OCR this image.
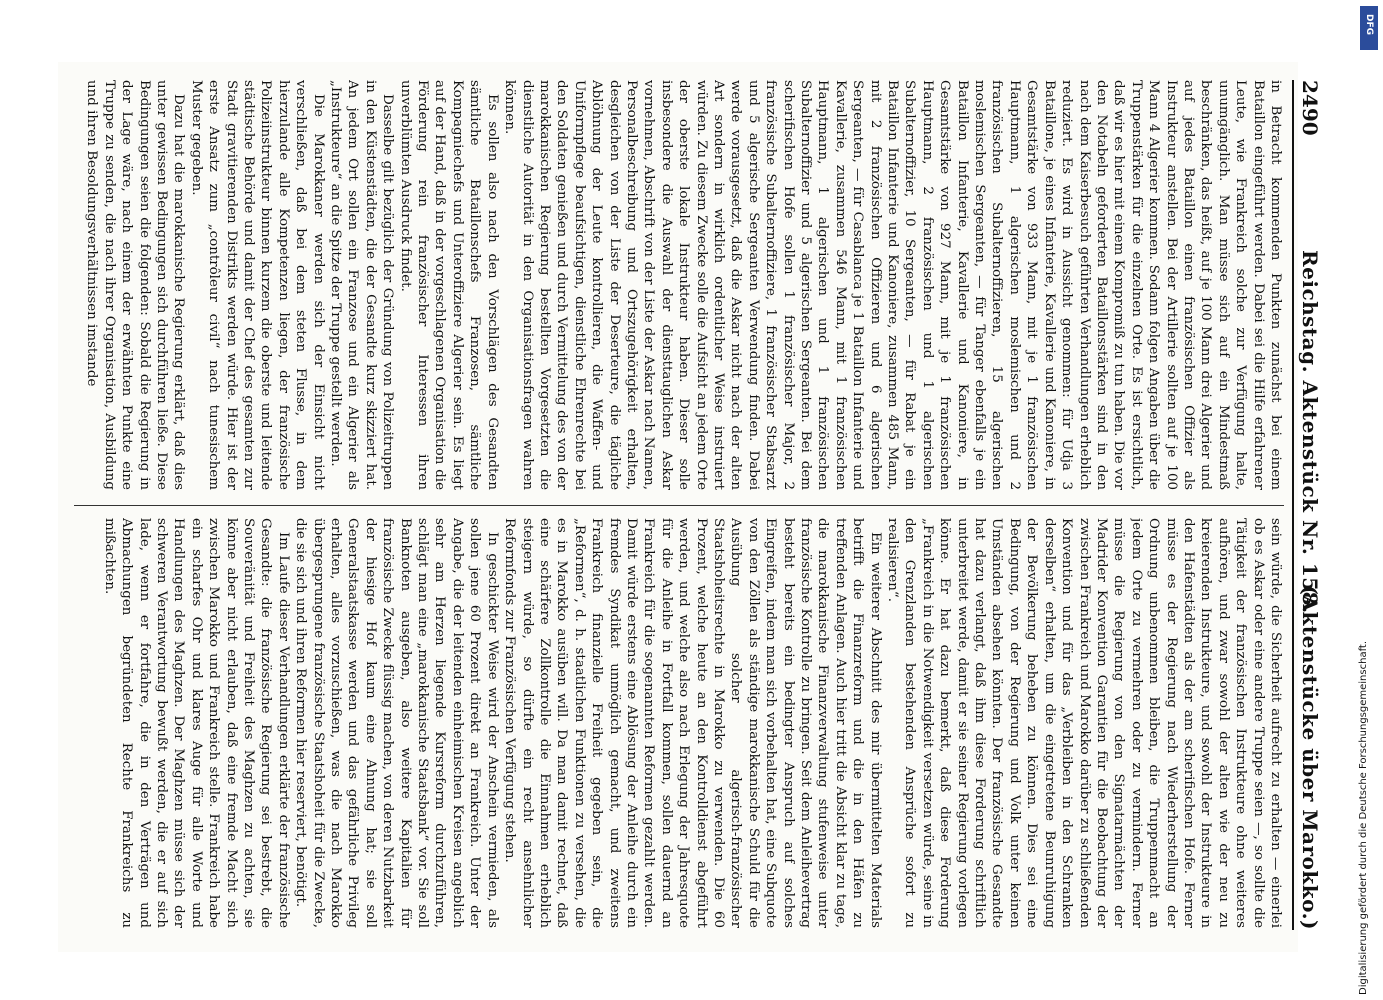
2490
Reichstag. Aktenstück Nr. 158.
(Aktenstücke über Marokko.)

in Betracht kommenden Punkten zunächst bei einem Bataillon eingeführt werden. Dabei sei die Hilfe erfahrener Leute, wie Frankreich solche zur Verfügung halte, unumgänglich. Man müsse sich auf ein Mindestmaß beschränken, das heißt, auf je 100 Mann drei Algerier und auf jedes Bataillon einen französischen Offizier als Instrukteur anstellen. Bei der Artillerie sollten auf je 100 Mann 4 Algerier kommen. Sodann folgen Angaben über die Truppenstärken für die einzelnen Orte. Es ist ersichtlich, daß wir es hier mit einem Kompromiß zu tun haben. Die vor den Notabeln geforderten Bataillonsstärken sind in den nach dem Kaiserbesuch geführten Verhandlungen erheblich reduziert. Es wird in Aussicht genommen: für Udja 3 Bataillone, je eines Infanterie, Kavallerie und Kanoniere, in Gesamtstärke von 933 Mann, mit je 1 französischen Hauptmann, 1 algerischen moslemischen und 2 französischen Subalternoffizieren, 15 algerischen moslemischen Sergeanten, — für Tanger ebenfalls je ein Bataillon Infanterie, Kavallerie und Kanoniere, in Gesamtstärke von 927 Mann, mit je 1 französischen Hauptmann, 2 französischen und 1 algerischen Subalternoffizier, 10 Sergeanten, — für Rabat je ein Bataillon Infanterie und Kanoniere, zusammen 485 Mann, mit 2 französischen Offizieren und 6 algerischen Sergeanten, — für Casablanca je 1 Bataillon Infanterie und Kavallerie, zusammen 546 Mann, mit 1 französischen Hauptmann, 1 algerischen und 1 französischen Subalternoffizier und 5 algerischen Sergeanten. Bei dem scherifischen Hofe sollen 1 französischer Major, 2 französische Subalternoffiziere, 1 französischer Stabsarzt und 5 algerische Sergeanten Verwendung finden. Dabei werde vorausgesetzt, daß die Askar nicht nach der alten Art sondern in wirklich ordentlicher Weise instruiert würden. Zu diesem Zwecke solle die Aufsicht an jedem Orte der oberste lokale Instrukteur haben. Dieser solle insbesondere die Auswahl der diensttauglichen Askar vornehmen, Abschrift von der Liste der Askar nach Namen, Personalbeschreibung und Ortszugehörigkeit erhalten, desgleichen von der Liste der Deserteure, die tägliche Ablöhnung der Leute kontrollieren, die Waffen- und Uniformpflege beaufsichtigen, dienstliche Ehrenrechte bei den Soldaten genießen und durch Vermittelung des von der marokkanischen Regierung bestellten Vorgesetzten die dienstliche Autorität in den Organisationsfragen wahren können.

Es sollen also nach den Vorschlägen des Gesandten sämtliche Bataillonschefs Franzosen, sämtliche Kompagniechefs und Unteroffiziere Algerier sein. Es liegt auf der Hand, daß in der vorgeschlagenen Organisation die Förderung rein französischer Interessen ihren unverblümten Ausdruck findet.

Dasselbe gilt bezüglich der Gründung von Polizeitruppen in den Küstenstädten, die der Gesandte kurz skizziert hat. An jedem Ort sollen ein Franzose und ein Algerier als „Instrukteure“ an die Spitze der Truppe gestellt werden.

Die Marokkaner werden sich der Einsicht nicht verschließen, daß bei dem steten Flusse, in dem hierzulande alle Kompetenzen liegen, der französische Polizeiinstrukteur binnen kurzem die oberste und leitende städtische Behörde und damit der Chef des gesamten zur Stadt gravitierenden Distrikts werden würde. Hier ist der erste Ansatz zum „contrôleur civil“ nach tunesischem Muster gegeben.

Dazu hat die marokkanische Regierung erklärt, daß dies unter gewissen Bedingungen sich durchführen ließe. Diese Bedingungen seien die folgenden: Sobald die Regierung in der Lage wäre, nach einem der erwähnten Punkte eine Truppe zu senden, die nach ihrer Organisation, Ausbildung und ihren Besoldungsverhältnissen imstande

sein würde, die Sicherheit aufrecht zu erhalten — einerlei ob es Askar oder eine andere Truppe seien —, so sollte die Tätigkeit der französischen Instrukteure ohne weiteres aufhören, und zwar sowohl der alten wie der neu zu kreierenden Instrukteure, und sowohl der Instrukteure in den Hafenstädten als der am scherifischen Hofe. Ferner müsse es der Regierung nach Wiederherstellung der Ordnung unbenommen bleiben, die Truppenmacht an jedem Orte zu vermehren oder zu vermindern. Ferner müsse die Regierung von den Signatarmächten der Madrider Konvention Garantien für die Beobachtung der zwischen Frankreich und Marokko darüber zu schließenden Konvention und für das „Verbleiben in den Schranken derselben“ erhalten, um die eingetretene Beunruhigung der Bevölkerung beheben zu können. Dies sei eine Bedingung, von der Regierung und Volk unter keinen Umständen absehen könnten. Der französische Gesandte hat dazu verlangt, daß ihm diese Forderung schriftlich unterbreitet werde, damit er sie seiner Regierung vorlegen könne. Er hat dazu bemerkt, daß diese Forderung „Frankreich in die Notwendigkeit versetzen würde, seine in den Grenzlanden bestehenden Ansprüche sofort zu realisieren“.

Ein weiterer Abschnitt des mir übermittelten Materials betrifft die Finanzreform und die in den Häfen zu treffenden Anlagen. Auch hier tritt die Absicht klar zu tage, die marokkanische Finanzverwaltung stufenweise unter französische Kontrolle zu bringen. Seit dem Anleihevertrag besteht bereits ein bedingter Anspruch auf solches Eingreifen, indem man sich vorbehalten hat, eine Subquote von den Zöllen als ständige marokkanische Schuld für die Ausübung solcher algerisch-französischer Staatshoheitsrechte in Marokko zu verwenden. Die 60 Prozent, welche heute an den Kontrolldienst abgeführt werden, und welche also nach Erlegung der Jahresquote für die Anleihe in Fortfall kommen, sollen dauernd an Frankreich für die sogenannten Reformen gezahlt werden. Damit würde erstens eine Ablösung der Anleihe durch ein fremdes Syndikat unmöglich gemacht, und zweitens Frankreich finanzielle Freiheit gegeben sein, die „Reformen“, d. h. staatlichen Funktionen zu versehen, die es in Marokko ausüben will. Da man damit rechnet, daß eine schärfere Zollkontrolle die Einnahmen erheblich steigern würde, so dürfte ein recht ansehnlicher Reformfonds zur Französischen Verfügung stehen.

In geschickter Weise wird der Anschein vermieden, als sollen jene 60 Prozent direkt an Frankreich. Unter der Angabe, die der leitenden einheimischen Kreisen angeblich sehr am Herzen liegende Kursreform durchzuführen, schlägt man eine „marokkanische Staatsbank“ vor. Sie soll Banknoten ausgeben, also weitere Kapitalien für französische Zwecke flüssig machen, von deren Nutzbarkeit der hiesige Hof kaum eine Ahnung hat; sie soll Generalstaatskasse werden und das gefährliche Privileg erhalten, alles vorzuschießen, was die nach Marokko übergesprungene französische Staatshoheit für die Zwecke, die sie sich und ihren Reformen hier reserviert, benötigt.

Im Laufe dieser Verhandlungen erklärte der französische Gesandte: die französische Regierung sei bestrebt, die Souveränität und Freiheit des Maghzen zu achten, sie könne aber nicht erlauben, daß eine fremde Macht sich zwischen Marokko und Frankreich stelle. Frankreich habe ein scharfes Ohr und klares Auge für alle Worte und Handlungen des Maghzen. Der Maghzen müsse sich der schweren Verantwortung bewußt werden, die er auf sich lade, wenn er fortfahre, die in den Verträgen und Abmachungen begründeten Rechte Frankreichs zu mißachten.

DFG
Digitalisierung gefördert durch die Deutsche Forschungsgemeinschaft.
